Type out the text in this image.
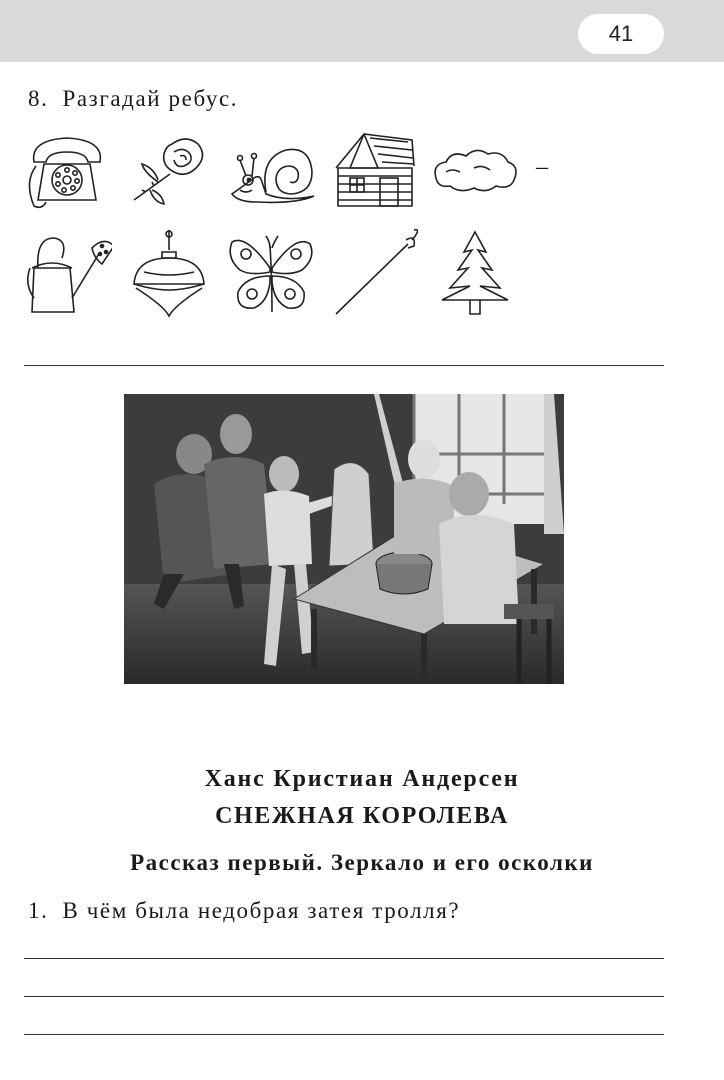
41
8. Разгадай ребус.
–
Ханс Кристиан Андерсен
СНЕЖНАЯ КОРОЛЕВА
Рассказ первый. Зеркало и его осколки
1. В чём была недобрая затея тролля?
